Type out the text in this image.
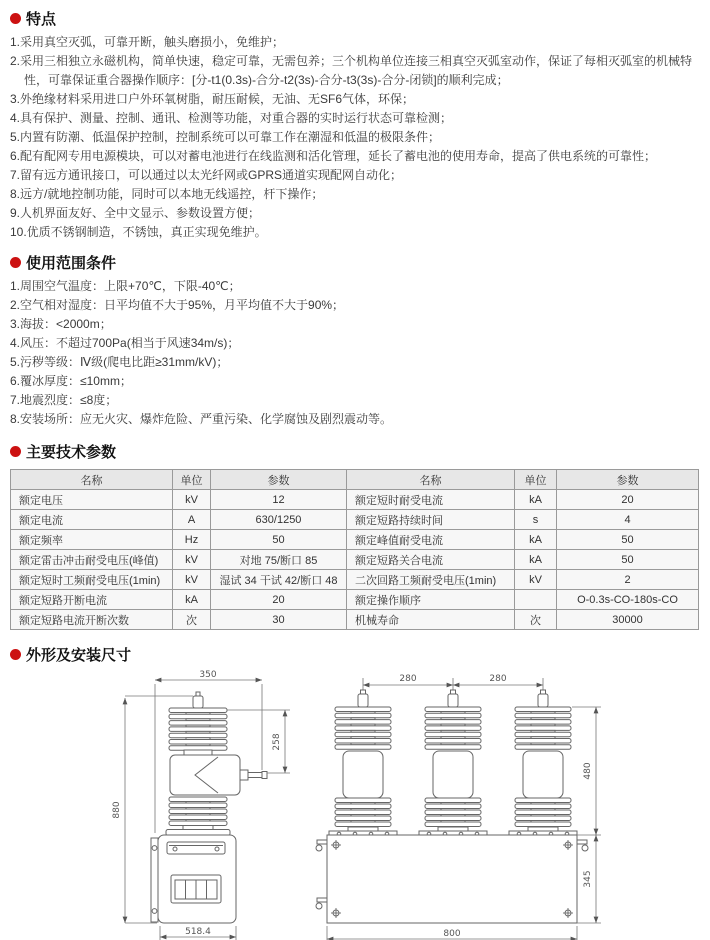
特点
1.采用真空灭弧，可靠开断，触头磨损小，免维护；
2.采用三相独立永磁机构，简单快速，稳定可靠，无需包养；三个机构单位连接三相真空灭弧室动作，保证了每相灭弧室的机械特性，可靠保证重合器操作顺序：[分-t1(0.3s)-合分-t2(3s)-合分-t3(3s)-合分-闭锁]的顺利完成；
3.外绝缘材料采用进口户外环氧树脂，耐压耐候，无油、无SF6气体，环保；
4.具有保护、测量、控制、通讯、检测等功能，对重合器的实时运行状态可靠检测；
5.内置有防潮、低温保护控制，控制系统可以可靠工作在潮湿和低温的极限条件；
6.配有配网专用电源模块，可以对蓄电池进行在线监测和活化管理，延长了蓄电池的使用寿命，提高了供电系统的可靠性；
7.留有远方通讯接口，可以通过以太光纤网或GPRS通道实现配网自动化；
8.远方/就地控制功能，同时可以本地无线遥控，杆下操作；
9.人机界面友好、全中文显示、参数设置方便；
10.优质不锈钢制造，不锈蚀，真正实现免维护。
使用范围条件
1.周围空气温度：上限+70℃，下限-40℃；
2.空气相对湿度：日平均值不大于95%，月平均值不大于90%；
3.海拔：<2000m；
4.风压：不超过700Pa(相当于风速34m/s)；
5.污秽等级：Ⅳ级(爬电比距≥31mm/kV)；
6.覆冰厚度：≤10mm；
7.地震烈度：≤8度；
8.安装场所：应无火灾、爆炸危险、严重污染、化学腐蚀及剧烈震动等。
主要技术参数
名称	单位	参数	名称	单位	参数
额定电压	kV	12	额定短时耐受电流	kA	20
额定电流	A	630/1250	额定短路持续时间	s	4
额定频率	Hz	50	额定峰值耐受电流	kA	50
额定雷击冲击耐受电压(峰值)	kV	对地 75/断口 85	额定短路关合电流	kA	50
额定短时工频耐受电压(1min)	kV	湿试 34 干试 42/断口 48	二次回路工频耐受电压(1min)	kV	2
额定短路开断电流	kA	20	额定操作顺序		O-0.3s-CO-180s-CO
额定短路电流开断次数	次	30	机械寿命	次	30000
外形及安装尺寸
350
880
258
518.4
280	280
480
345
800
